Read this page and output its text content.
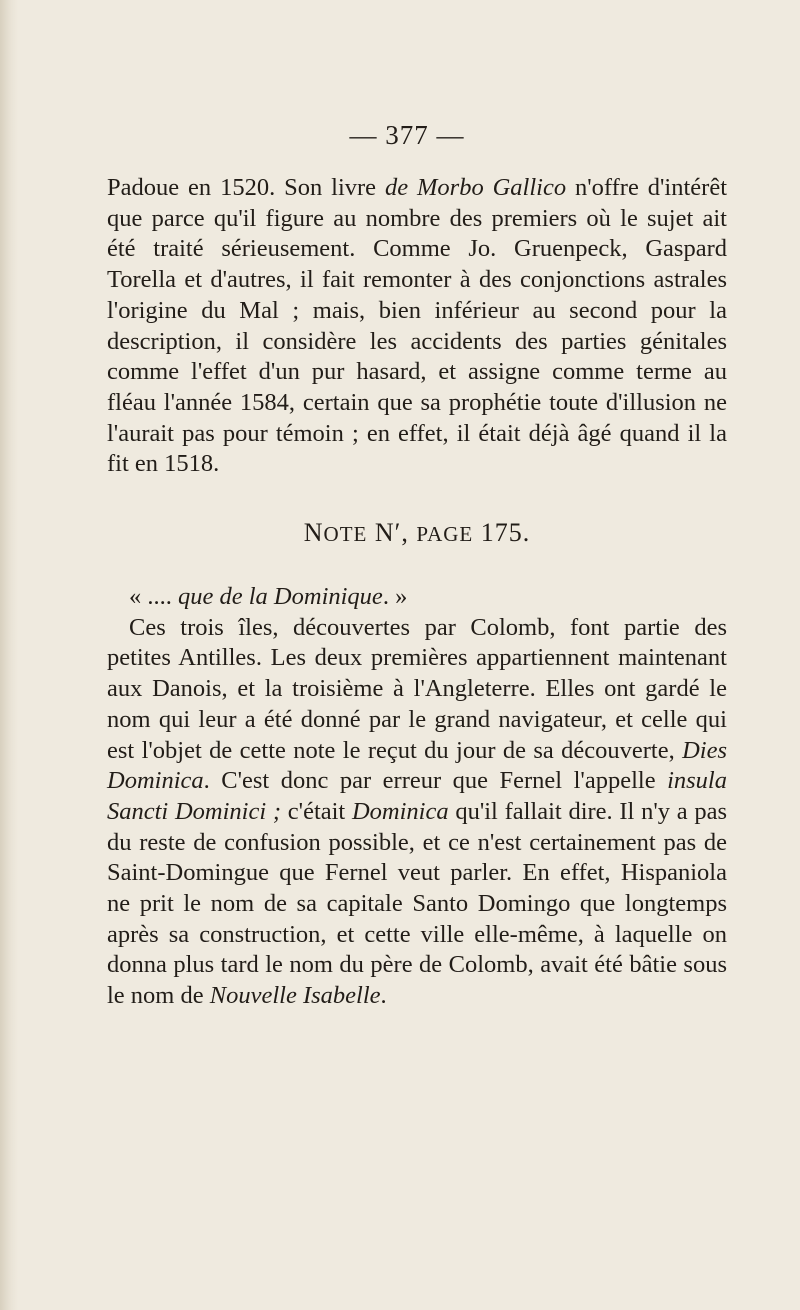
— 377 —

Padoue en 1520. Son livre de Morbo Gallico n'offre d'intérêt que parce qu'il figure au nombre des premiers où le sujet ait été traité sérieusement. Comme Jo. Gruenpeck, Gaspard Torella et d'autres, il fait remonter à des conjonctions astrales l'origine du Mal ; mais, bien inférieur au second pour la description, il considère les accidents des parties génitales comme l'effet d'un pur hasard, et assigne comme terme au fléau l'année 1584, certain que sa prophétie toute d'illusion ne l'aurait pas pour témoin ; en effet, il était déjà âgé quand il la fit en 1518.

NOTE N′, PAGE 175.

« .... que de la Dominique. »

Ces trois îles, découvertes par Colomb, font partie des petites Antilles. Les deux premières appartiennent maintenant aux Danois, et la troisième à l'Angleterre. Elles ont gardé le nom qui leur a été donné par le grand navigateur, et celle qui est l'objet de cette note le reçut du jour de sa découverte, Dies Dominica. C'est donc par erreur que Fernel l'appelle insula Sancti Dominici ; c'était Dominica qu'il fallait dire. Il n'y a pas du reste de confusion possible, et ce n'est certainement pas de Saint-Domingue que Fernel veut parler. En effet, Hispaniola ne prit le nom de sa capitale Santo Domingo que longtemps après sa construction, et cette ville elle-même, à laquelle on donna plus tard le nom du père de Colomb, avait été bâtie sous le nom de Nouvelle Isabelle.
